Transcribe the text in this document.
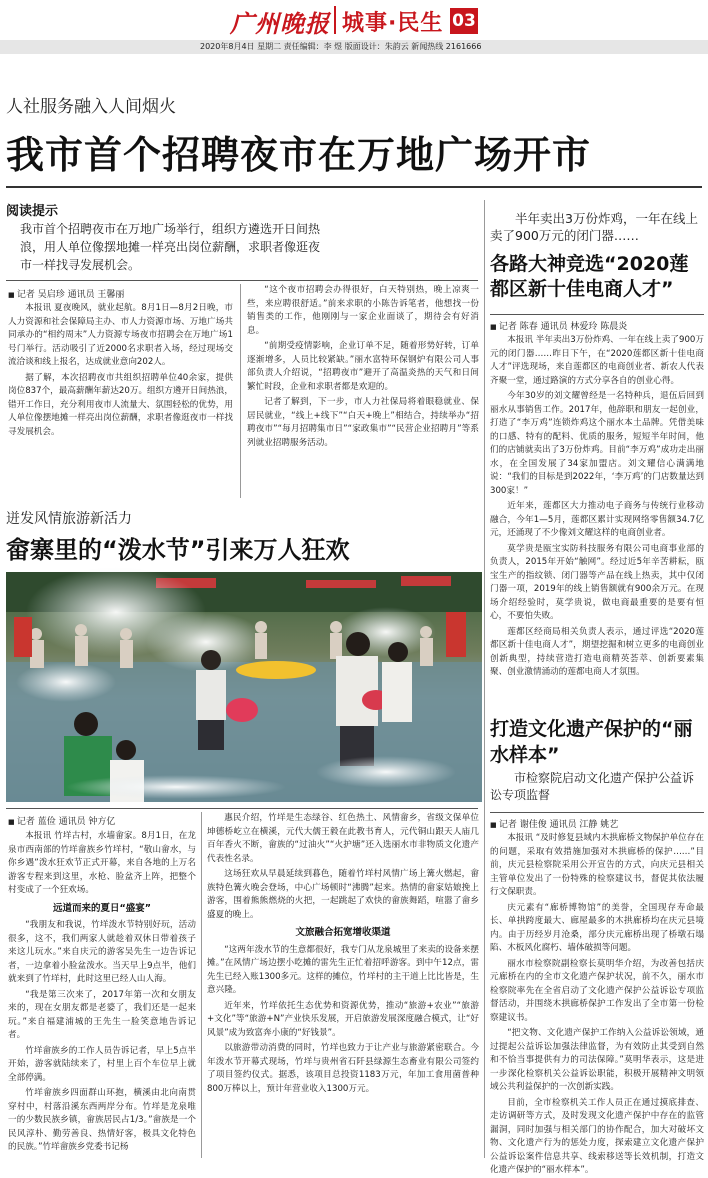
广州晚报 城事·民生 03
2020年8月4日 星期二 责任编辑：李 煜 版面设计：朱韵云 新闻热线 2161666
人社服务融入人间烟火
我市首个招聘夜市在万地广场开市
阅读提示
我市首个招聘夜市在万地广场举行，组织方遴选开日间热浪，用人单位像摆地摊一样亮出岗位薪酬，求职者像逛夜市一样找寻发展机会。
■ 记者 吴启珍 通讯员 王馨丽

本报讯 夏夜晚风，就业起航。8月1日—8月2日晚，市人力资源和社会保障局主办、市人力资源市场、万地广场共同承办的“相约周末”人力资源专场夜市招聘会在万地广场1号门举行。活动吸引了近2000名求职者入场，经过现场交流洽谈和线上报名，达成就业意向202人。

据了解，本次招聘夜市共组织招聘单位40余家，提供岗位837个，最高薪酬年薪达20万。组织方遴开日间热浪，错开工作日，充分利用夜市人流量大、氛围轻松的优势，用人单位像摆地摊一样亮出岗位薪酬，求职者像逛夜市一样找寻发展机会。

“这个夜市招聘会办得很好，白天特别热，晚上凉爽一些，来应聘很舒适。”前来求职的小陈告诉笔者，他想找一份销售类的工作，他刚刚与一家企业面谈了，期待会有好消息。

“前期受疫情影响，企业订单不足，随着形势好转，订单逐渐增多，人员比较紧缺。”丽水富特环保钢炉有限公司人事部负责人介绍说，“招聘夜市”避开了高温炎热的天气和日间繁忙时段，企业和求职者都是欢迎的。

记者了解到，下一步，市人力社保局将着眼稳就业、保居民就业，“线上+线下”“白天+晚上”相结合，持续举办“招聘夜市”“每月招聘集市日”“家政集市”“民营企业招聘月”等系列就业招聘服务活动。

迸发风情旅游新活力
畲寨里的“泼水节”引来万人狂欢
■ 记者 蓝俭 通讯员 钟方亿

本报讯 竹垟古村，水墙畲家。8月1日，在龙泉市西南部的竹垟畲族乡竹垟村，“敬山畲水，与你乡遇”泼水狂欢节正式开幕，来自各地的上万名游客专程来到这里，水枪、脸盆齐上阵，把整个村变成了一个狂欢场。

远道而来的夏日“盛宴”

“我朋友和我说，竹垟泼水节特别好玩，活动很多，这不，我们两家人就趁着双休日带着孩子来这儿玩水。”来自庆元的游客吴先生一边告诉记者，一边拿着小脸盆泼水。当天早上9点半，他们就来到了竹垟村，此时这里已经人山人海。

“我是第三次来了，2017年第一次和女朋友来的，现在女朋友都是老婆了，我们还是一起来玩。”来自福建浦城的王先生一脸笑意地告诉记者。

竹垟畲族乡的工作人员告诉记者，早上5点半开始，游客就陆续来了，村里上百个车位早上就全部停满。

竹垟畲族乡四面群山环抱，横溪由北向南贯穿村中，村落沿溪东西两岸分布。竹垟是龙泉唯一的少数民族乡镇，畲族居民占1/3。”畲族是一个民风淳朴、勤劳善良、热情好客，极具文化特色的民族。”竹垟畲族乡党委书记杨

惠民介绍，竹垟是生态绿谷、红色热土、风情畲乡，省级文保单位坤德桥屹立在横溪，元代大儒王毅在此教书育人，元代铜山跟天人庙几百年香火不断，畲族的“过油火”“火护塘”还入选丽水市非物质文化遗产代表性名录。

这场狂欢从早晨延续到暮色，随着竹垟村风情广场上篝火燃起，畲族特色篝火晚会登场，中心广场顿时“沸腾”起来。热情的畲家姑娘挽上游客，围着熊熊燃烧的火把，一起跳起了欢快的畲族舞蹈，喧嚣了畲乡盛夏的晚上。

文旅融合拓宽增收渠道

“这两年泼水节的生意都很好，我专门从龙泉城里了来卖的设备来摆摊。”在风情广场边摆小吃摊的雷先生正忙着招呼游客。到中午12点，雷先生已经入账1300多元。这样的摊位，竹垟村的主干道上比比皆是，生意兴隆。

近年来，竹垟依托生态优势和资源优势，推动“旅游+农业”“旅游+文化”等“旅游+N”产业快乐发展，开启旅游发展深度融合模式，让“好风景”成为致富奔小康的“好钱景”。

以旅游带动消费的同时，竹垟也致力于让产业与旅游紧密联合。今年泼水节开幕式现场，竹垟与贵州省石阡县绿源生态畜业有限公司签约了项目签约仪式。据悉，该项目总投资1183万元，年加工食用菌普种800万棒以上，预计年营业收入1300万元。

半年卖出3万份炸鸡，一年在线上卖了900万元的闭门器……
各路大神竞选“2020莲都区新十佳电商人才”
■ 记者 陈春 通讯员 林爱玲 陈晨炎

本报讯 半年卖出3万份炸鸡、一年在线上卖了900万元的闭门器……昨日下午，在“2020莲都区新十佳电商人才”评选现场，来自莲都区的电商创业者、新农人代表齐聚一堂，通过路演的方式分享各自的创业心得。

今年30岁的刘文耀曾经是一名特种兵，退伍后回到丽水从事销售工作。2017年，他辞职和朋友一起创业，打造了“李万鸡”连锁炸鸡这个丽水本土品牌。凭借美味的口感、特有的配料、优质的服务，短短半年时间，他们的店铺就卖出了3万份炸鸡。目前“李万鸡”成功走出丽水，在全国发展了34家加盟店。刘文耀信心满满地说：“我们的目标是到2022年，‘李万鸡’的门店数量达到300家！”

近年来，莲都区大力推动电子商务与传统行业移动融合，今年1—5月，莲都区累计实现网络零售额34.7亿元，还涌现了不少像刘文耀这样的电商创业者。

莫学贵是瓯宝实防科技服务有限公司电商事业部的负责人，2015年开始“触网”。经过近5年辛苦耕耘，瓯宝生产的指纹锁、闭门器等产品在线上热卖，其中仅闭门器一项，2019年的线上销售额就有900余万元。在现场介绍经验时，莫学贵说，做电商最重要的是要有恒心，不要怕失败。

莲都区经商局相关负责人表示，通过评选“2020莲都区新十佳电商人才”，期望挖掘和树立更多的电商创业创新典型，持续营造打造电商精英荟萃、创新要素集聚、创业激情涌动的莲都电商人才氛围。

打造文化遗产保护的“丽水样本”
市检察院启动文化遗产保护公益诉讼专项监督
■ 记者 谢佳俊 通讯员 江静 姚艺

本报讯 “及时修复县域内木拱廊桥文物保护单位存在的问题，采取有效措施加强对木拱廊桥的保护……”目前，庆元县检察院采用公开宣告的方式，向庆元县相关主管单位发出了一份特殊的检察建议书，督促其依法履行文保职责。

庆元素有“廊桥博物馆”的美誉，全国现存寿命最长、单拱跨度最大、廊屋最多的木拱廊桥均在庆元县境内。由于历经岁月沧桑，部分庆元廊桥出现了桥墩石塌陷、木板风化腐朽、墙体破损等问题。

丽水市检察院副检察长莫明华介绍，为改善包括庆元廊桥在内的全市文化遗产保护状况，前不久，丽水市检察院率先在全省启动了文化遗产保护公益诉讼专项监督活动，并围绕木拱廊桥保护工作发出了全市第一份检察建议书。

“把文物、文化遗产保护工作纳入公益诉讼领域，通过提起公益诉讼加强法律监督，为有效防止其受到自然和不恰当事提供有力的司法保障。”莫明华表示，这是进一步深化检察机关公益诉讼职能，积极开展精神文明领域公共利益保护的一次创新实践。

目前，全市检察机关工作人员正在通过摸底排查、走访调研等方式，及时发现文化遗产保护中存在的监管漏洞，同时加强与相关部门的协作配合，加大对破坏文物、文化遗产行为的惩处力度，探索建立文化遗产保护公益诉讼案件信息共享、线索移送等长效机制，打造文化遗产保护的“丽水样本”。
